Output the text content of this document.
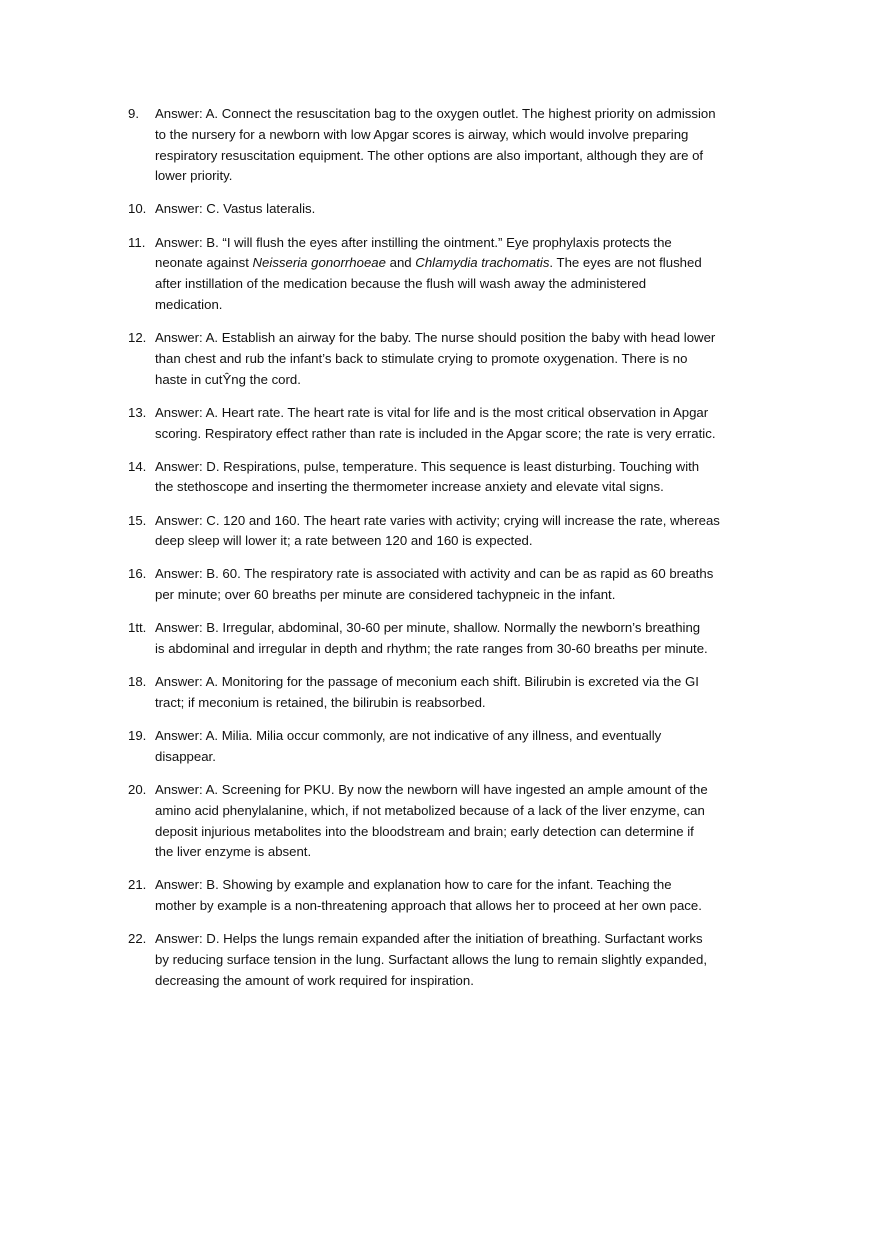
9. Answer: A. Connect the resuscitation bag to the oxygen outlet. The highest priority on admission
to the nursery for a newborn with low Apgar scores is airway, which would involve preparing
respiratory resuscitation equipment. The other options are also important, although they are of
lower priority.
10. Answer: C. Vastus lateralis.
11. Answer: B. “I will flush the eyes after instilling the ointment.” Eye prophylaxis protects the
neonate against Neisseria gonorrhoeae and Chlamydia trachomatis. The eyes are not flushed
after instillation of the medication because the flush will wash away the administered
medication.
12. Answer: A. Establish an airway for the baby. The nurse should position the baby with head lower
than chest and rub the infant’s back to stimulate crying to promote oxygenation. There is no
haste in cutŶng the cord.
13. Answer: A. Heart rate. The heart rate is vital for life and is the most critical observation in Apgar
scoring. Respiratory effect rather than rate is included in the Apgar score; the rate is very erratic.
14. Answer: D. Respirations, pulse, temperature. This sequence is least disturbing. Touching with
the stethoscope and inserting the thermometer increase anxiety and elevate vital signs.
15. Answer: C. 120 and 160. The heart rate varies with activity; crying will increase the rate, whereas
deep sleep will lower it; a rate between 120 and 160 is expected.
16. Answer: B. 60. The respiratory rate is associated with activity and can be as rapid as 60 breaths
per minute; over 60 breaths per minute are considered tachypneic in the infant.
1tt. Answer: B. Irregular, abdominal, 30-60 per minute, shallow. Normally the newborn’s breathing
is abdominal and irregular in depth and rhythm; the rate ranges from 30-60 breaths per minute.
18. Answer: A. Monitoring for the passage of meconium each shift. Bilirubin is excreted via the GI
tract; if meconium is retained, the bilirubin is reabsorbed.
19. Answer: A. Milia. Milia occur commonly, are not indicative of any illness, and eventually
disappear.
20. Answer: A. Screening for PKU. By now the newborn will have ingested an ample amount of the
amino acid phenylalanine, which, if not metabolized because of a lack of the liver enzyme, can
deposit injurious metabolites into the bloodstream and brain; early detection can determine if
the liver enzyme is absent.
21. Answer: B. Showing by example and explanation how to care for the infant. Teaching the
mother by example is a non-threatening approach that allows her to proceed at her own pace.
22. Answer: D. Helps the lungs remain expanded after the initiation of breathing. Surfactant works
by reducing surface tension in the lung. Surfactant allows the lung to remain slightly expanded,
decreasing the amount of work required for inspiration.
